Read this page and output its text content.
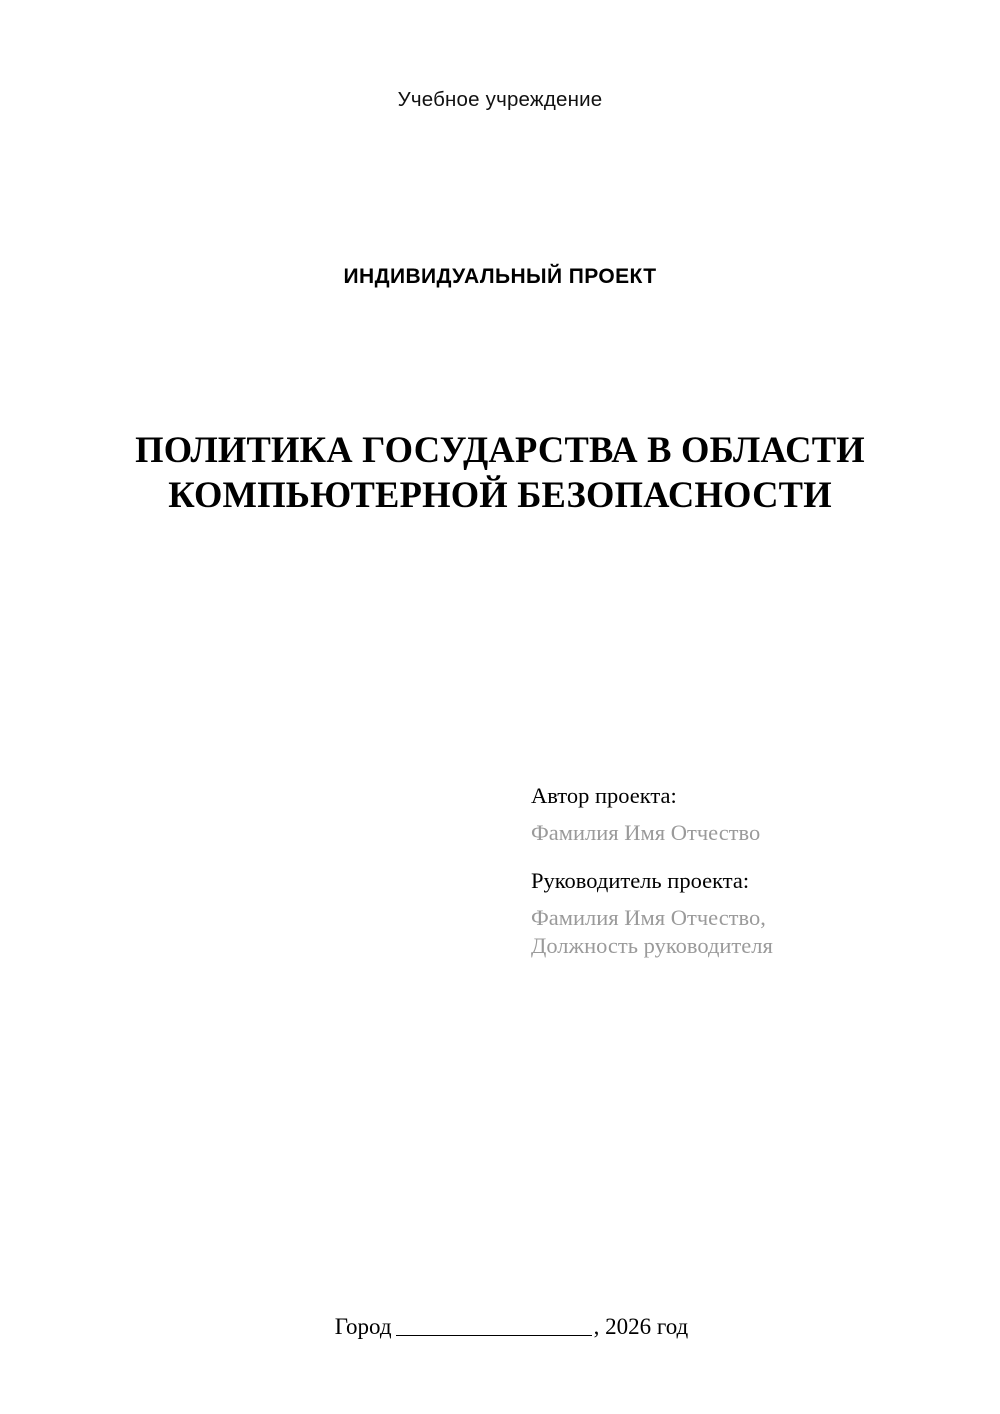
Учебное учреждение
ИНДИВИДУАЛЬНЫЙ ПРОЕКТ
ПОЛИТИКА ГОСУДАРСТВА В ОБЛАСТИ КОМПЬЮТЕРНОЙ БЕЗОПАСНОСТИ
Автор проекта:
Фамилия Имя Отчество
Руководитель проекта:
Фамилия Имя Отчество,
Должность руководителя

Город	, 2026 год
